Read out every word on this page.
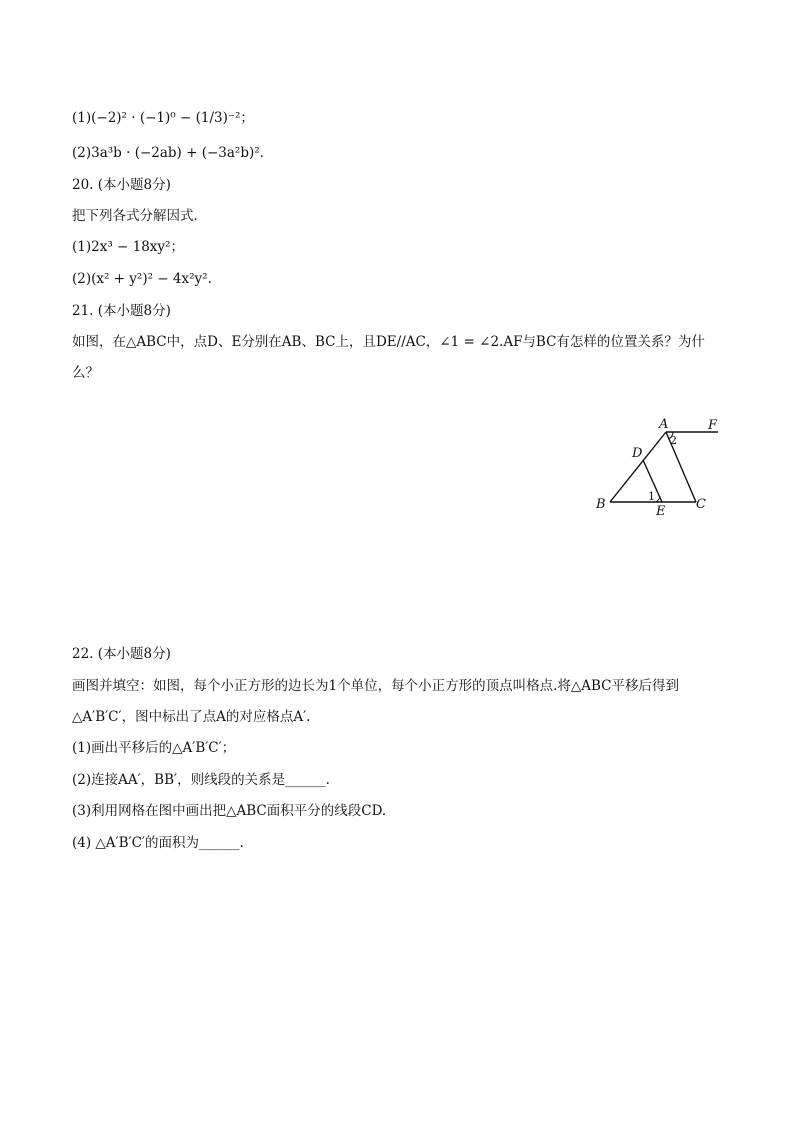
(1)(−2)² · (−1)⁰ − (1/3)⁻²；
(2)3a³b · (−2ab) + (−3a²b)².
20. (本小题8分)
把下列各式分解因式．
(1)2x³ − 18xy²；
(2)(x² + y²)² − 4x²y².
21. (本小题8分)
如图，在△ABC中，点D、E分别在AB、BC上，且DE//AC，∠1 = ∠2.AF与BC有怎样的位置关系？为什
么？
A
B	C
D
E
F
1
2
22. (本小题8分)
画图并填空：如图，每个小正方形的边长为1个单位，每个小正方形的顶点叫格点.将△ABC平移后得到
△A′B′C′，图中标出了点A的对应格点A′.
(1)画出平移后的△A′B′C′；
(2)连接AA′，BB′，则线段的关系是______.
(3)利用网格在图中画出把△ABC面积平分的线段CD.
(4) △A′B′C′的面积为______.
